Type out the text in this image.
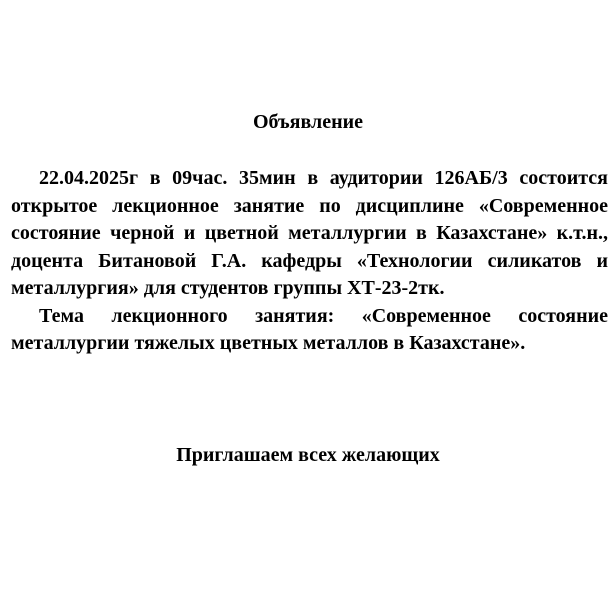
Объявление

22.04.2025г в 09час. 35мин в аудитории 126АБ/3 состоится открытое лекционное занятие по дисциплине «Современное состояние черной и цветной металлургии в Казахстане» к.т.н., доцента Битановой Г.А. кафедры «Технологии силикатов и металлургия» для студентов группы ХТ-23-2тк.

Тема лекционного занятия: «Современное состояние металлургии тяжелых цветных металлов в Казахстане».

Приглашаем всех желающих
